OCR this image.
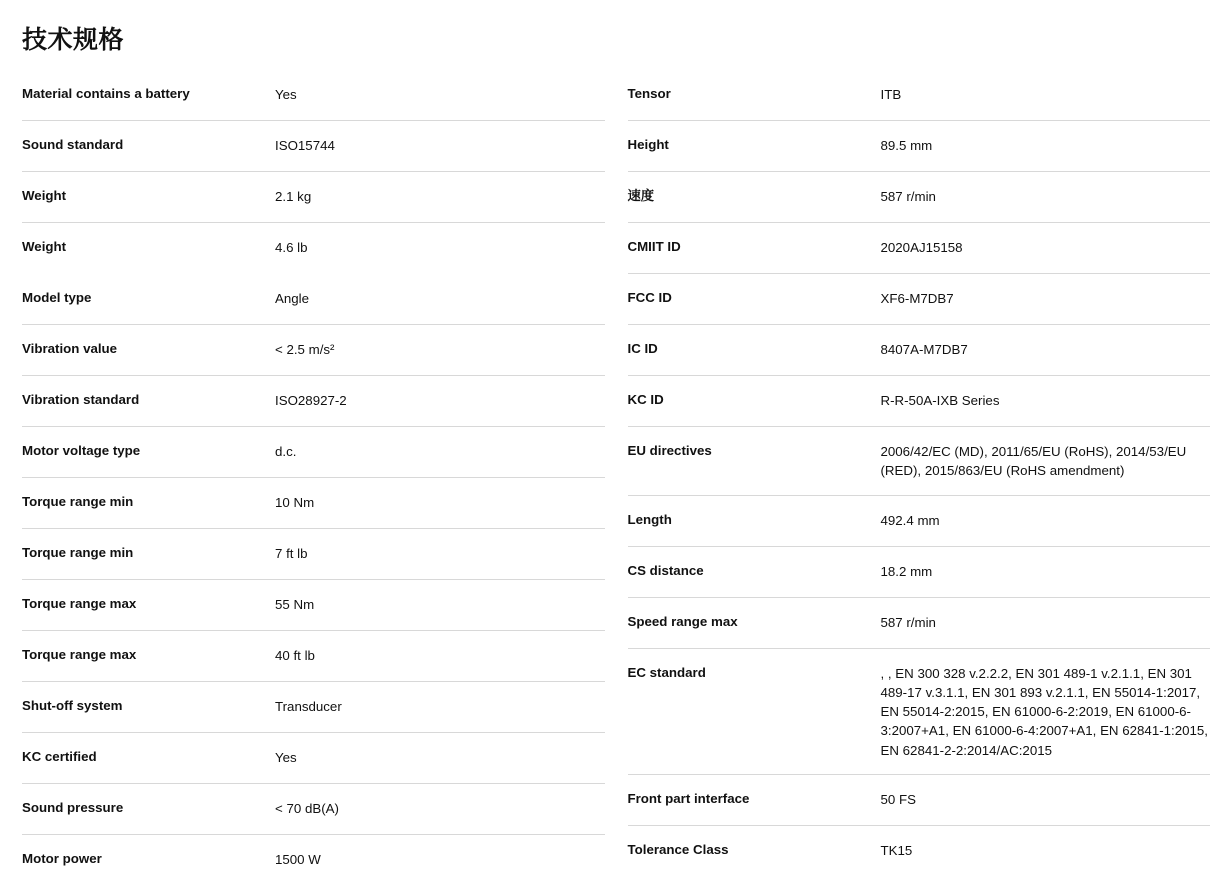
技术规格
Material contains a battery	Yes
Sound standard	ISO15744
Weight	2.1 kg
Weight	4.6 lb
Model type	Angle
Vibration value	< 2.5 m/s²
Vibration standard	ISO28927-2
Motor voltage type	d.c.
Torque range min	10 Nm
Torque range min	7 ft lb
Torque range max	55 Nm
Torque range max	40 ft lb
Shut-off system	Transducer
KC certified	Yes
Sound pressure	< 70 dB(A)
Motor power	1500 W
Tensor	ITB
Height	89.5 mm
速度	587 r/min
CMIIT ID	2020AJ15158
FCC ID	XF6-M7DB7
IC ID	8407A-M7DB7
KC ID	R-R-50A-IXB Series
EU directives	2006/42/EC (MD), 2011/65/EU (RoHS), 2014/53/EU (RED), 2015/863/EU (RoHS amendment)
Length	492.4 mm
CS distance	18.2 mm
Speed range max	587 r/min
EC standard	, , EN 300 328 v.2.2.2, EN 301 489-1 v.2.1.1, EN 301 489-17 v.3.1.1, EN 301 893 v.2.1.1, EN 55014-1:2017, EN 55014-2:2015, EN 61000-6-2:2019, EN 61000-6-3:2007+A1, EN 61000-6-4:2007+A1, EN 62841-1:2015, EN 62841-2-2:2014/AC:2015
Front part interface	50 FS
Tolerance Class	TK15
